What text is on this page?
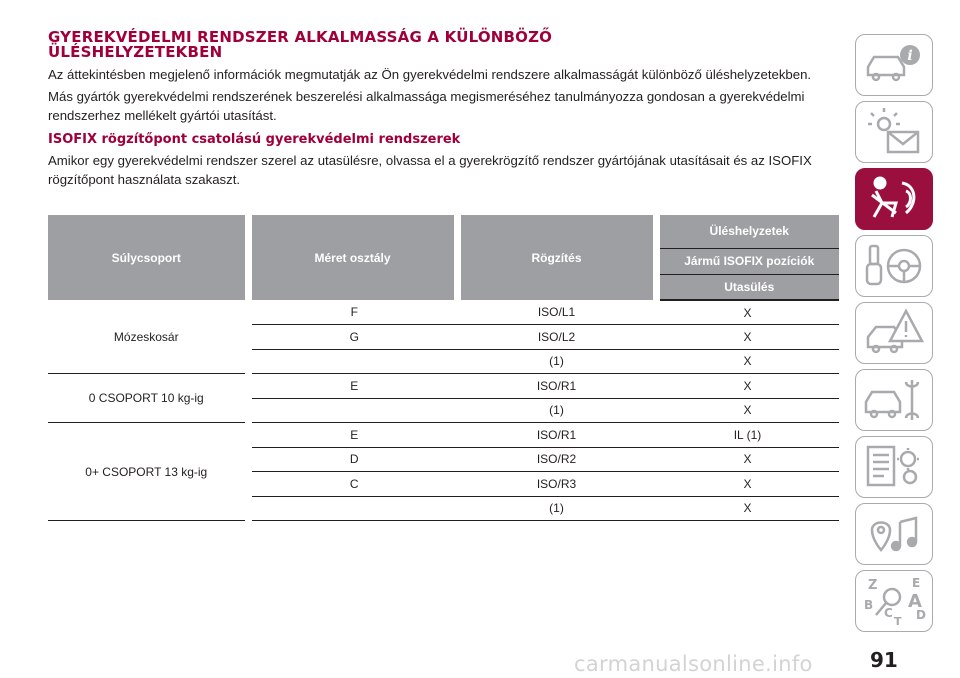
GYEREKVÉDELMI RENDSZER ALKALMASSÁG A KÜLÖNBÖZŐ
ÜLÉSHELYZETEKBEN

Az áttekintésben megjelenő információk megmutatják az Ön gyerekvédelmi rendszere alkalmasságát különböző üléshelyzetekben.

Más gyártók gyerekvédelmi rendszerének beszerelési alkalmassága megismeréséhez tanulmányozza gondosan a gyerekvédelmi rendszerhez mellékelt gyártói utasítást.

ISOFIX rögzítőpont csatolású gyerekvédelmi rendszerek

Amikor egy gyerekvédelmi rendszer szerel az utasülésre, olvassa el a gyerekrögzítő rendszer gyártójának utasításait és az ISOFIX rögzítőpont használata szakaszt.

Súlycsoport	Méret osztály	Rögzítés	Üléshelyzetek
			Jármű ISOFIX pozíciók
			Utasülés
Mózeskosár	F	ISO/L1	X
	G	ISO/L2	X
		(1)	X
0 CSOPORT 10 kg-ig	E	ISO/R1	X
		(1)	X
0+ CSOPORT 13 kg-ig	E	ISO/R1	IL (1)
	D	ISO/R2	X
	C	ISO/R3	X
		(1)	X
i
Z	E
B A
C D
T
91
carmanualsonline.info
